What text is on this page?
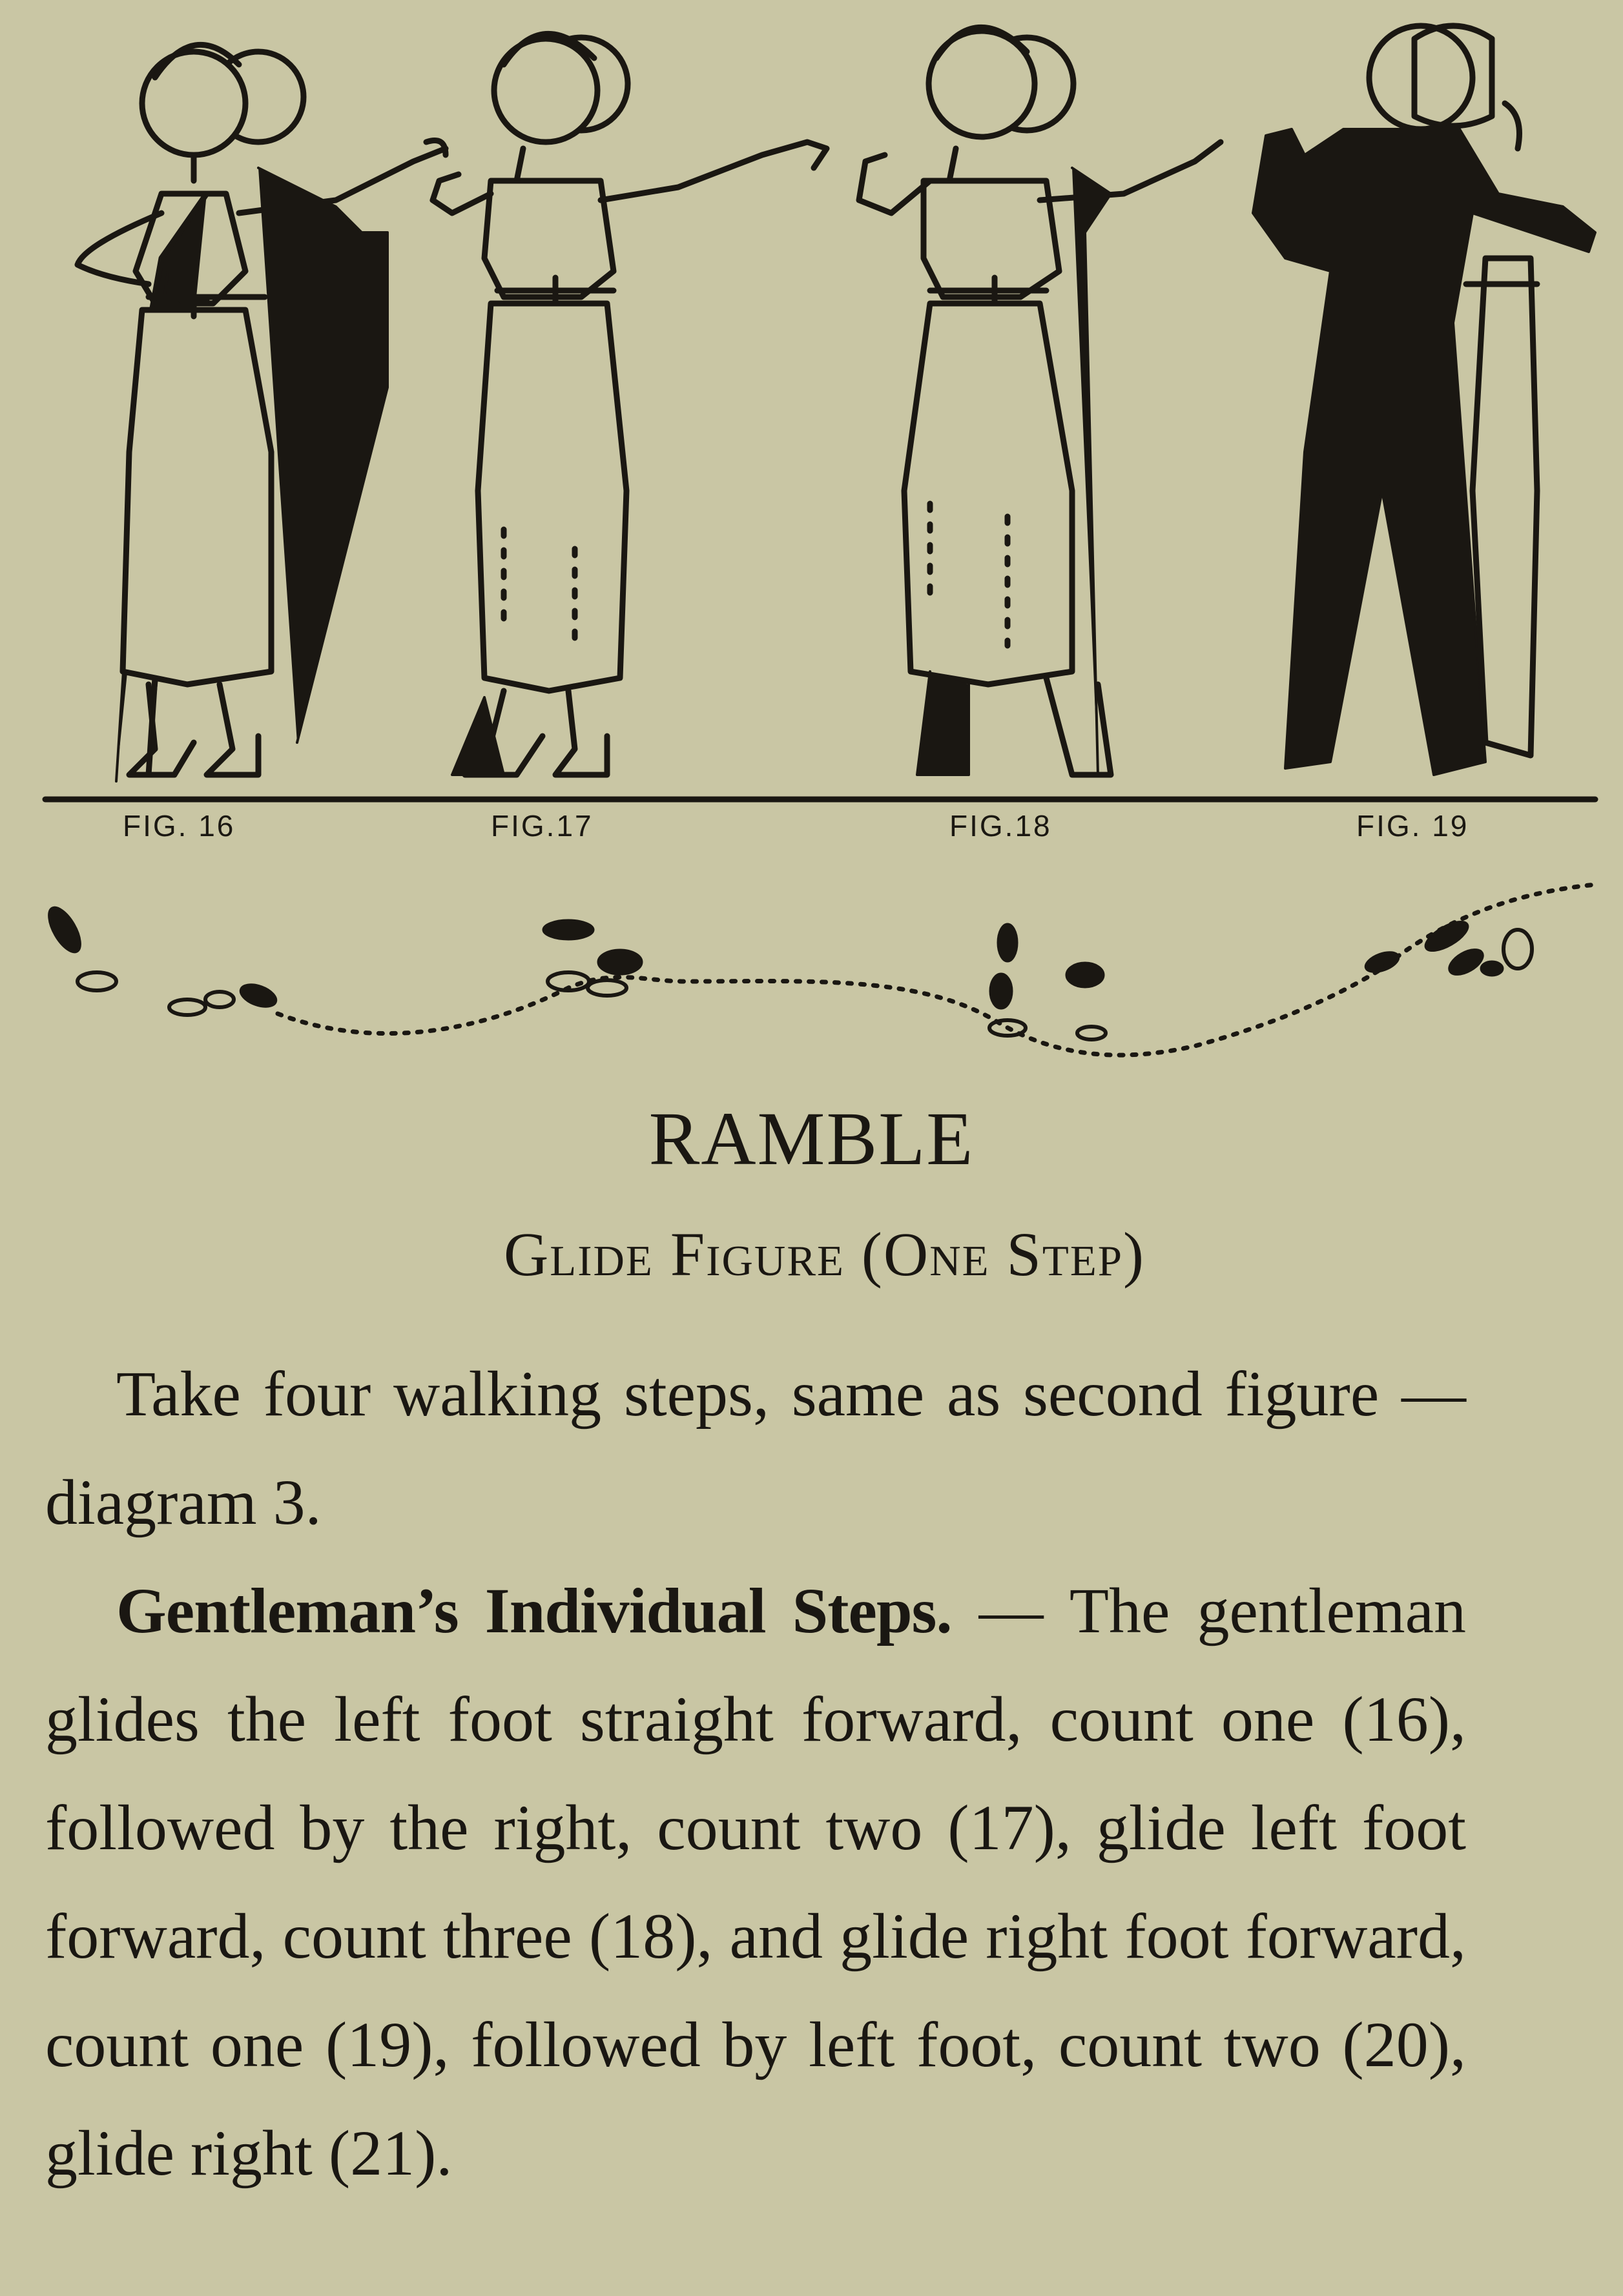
FIG. 16	FIG.17	FIG.18	FIG. 19
RAMBLE
Glide Figure (One Step)

Take four walking steps, same as second figure — diagram 3.

Gentleman’s Individual Steps. — The gentleman glides the left foot straight forward, count one (16), followed by the right, count two (17), glide left foot forward, count three (18), and glide right foot forward, count one (19), followed by left foot, count two (20), glide right (21).
